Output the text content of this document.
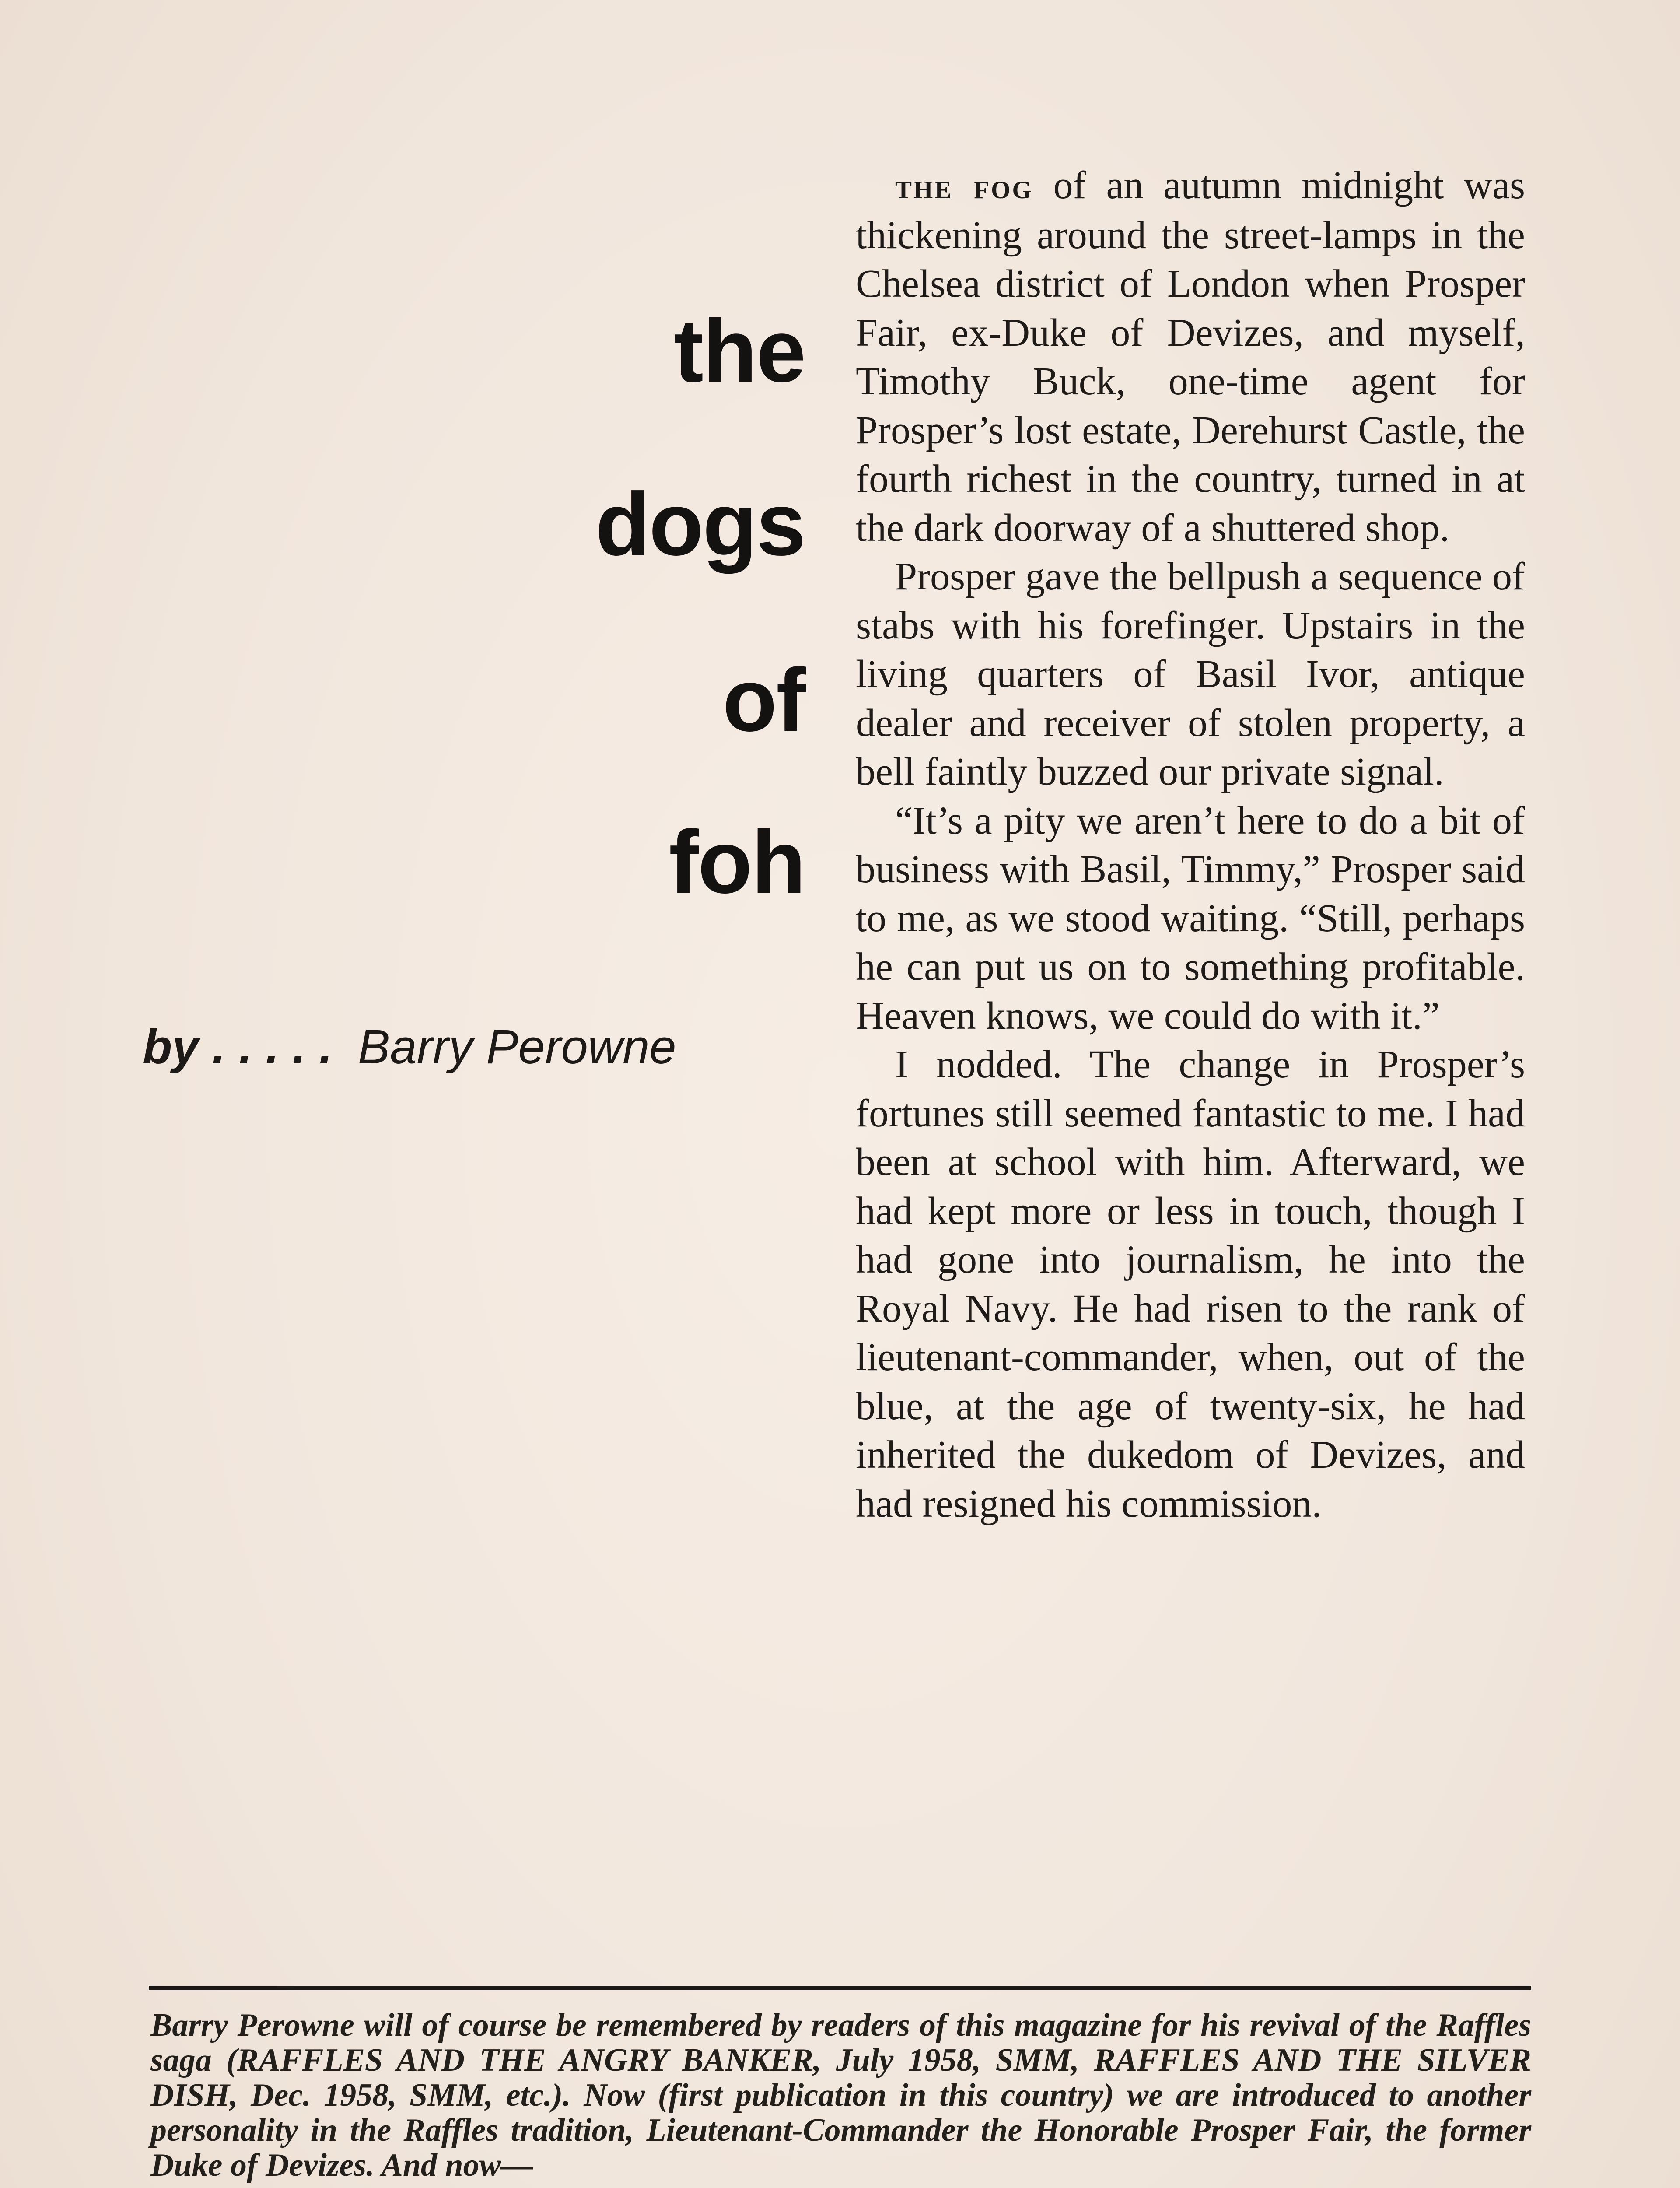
the
dogs
of
foh
by . . . . . Barry Perowne

the fog of an autumn midnight was thickening around the street-lamps in the Chelsea district of London when Prosper Fair, ex-Duke of Devizes, and myself, Timothy Buck, one-time agent for Prosper’s lost estate, Derehurst Castle, the fourth richest in the country, turned in at the dark doorway of a shuttered shop.

Prosper gave the bellpush a sequence of stabs with his forefinger. Upstairs in the living quarters of Basil Ivor, antique dealer and receiver of stolen property, a bell faintly buzzed our private signal.

“It’s a pity we aren’t here to do a bit of business with Basil, Timmy,” Prosper said to me, as we stood waiting. “Still, perhaps he can put us on to something profitable. Heaven knows, we could do with it.”

I nodded. The change in Prosper’s fortunes still seemed fantastic to me. I had been at school with him. Afterward, we had kept more or less in touch, though I had gone into journalism, he into the Royal Navy. He had risen to the rank of lieutenant-commander, when, out of the blue, at the age of twenty-six, he had inherited the dukedom of Devizes, and had resigned his commission.

Barry Perowne will of course be remembered by readers of this magazine for his revival of the Raffles saga (RAFFLES AND THE ANGRY BANKER, July 1958, SMM, RAFFLES AND THE SILVER DISH, Dec. 1958, SMM, etc.). Now (first publication in this country) we are introduced to another personality in the Raffles tradition, Lieutenant-Commander the Honorable Prosper Fair, the former Duke of Devizes. And now—
